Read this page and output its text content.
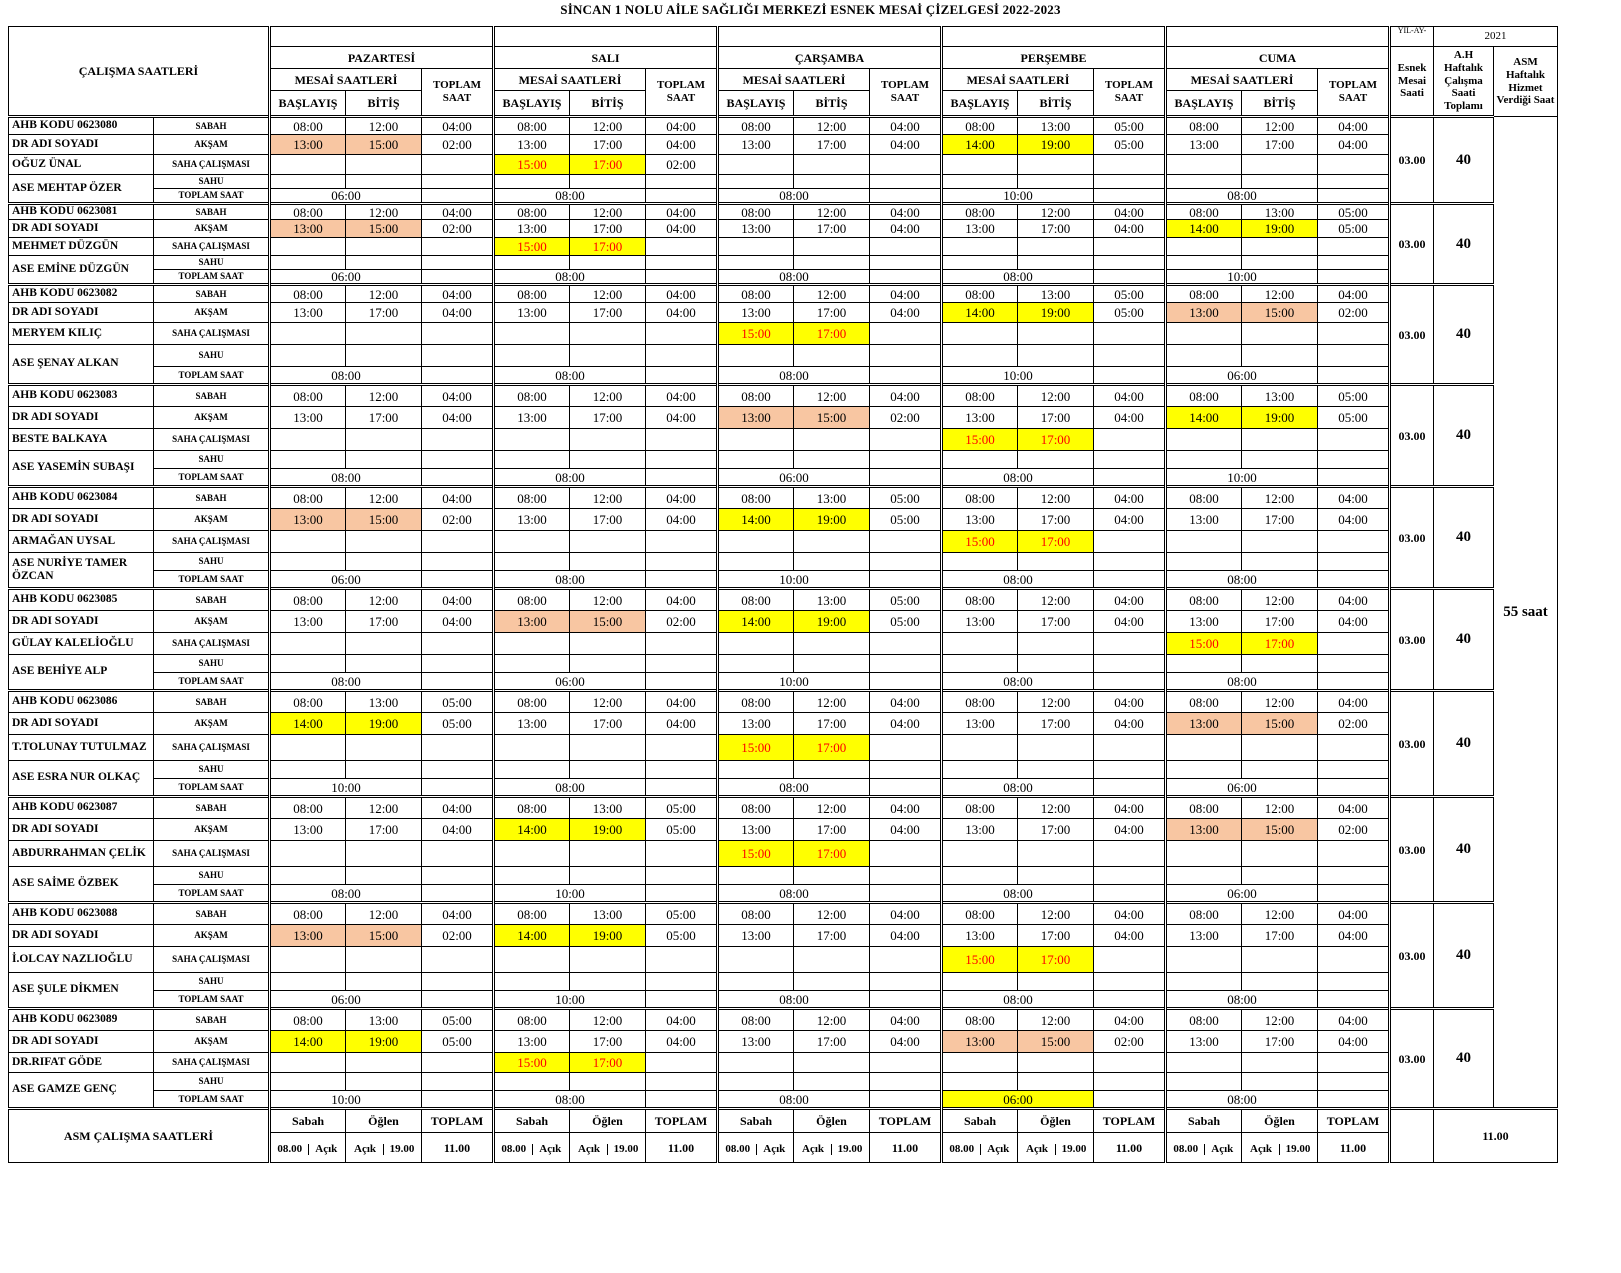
SİNCAN 1 NOLU AİLE SAĞLIĞI MERKEZİ ESNEK MESAİ ÇİZELGESİ 2022-2023
ÇALIŞMA SAATLERİ																	YIL-AY-	2021	
		PAZARTESİ			SALI			ÇARŞAMBA			PERŞEMBE			CUMA			Esnek Mesai Saati	A.H Haftalık Çalışma Saati Toplamı	ASM Haftalık Hizmet Verdiği Saat
		MESAİ SAATLERİ		TOPLAM SAAT	MESAİ SAATLERİ		TOPLAM SAAT	MESAİ SAATLERİ		TOPLAM SAAT	MESAİ SAATLERİ		TOPLAM SAAT	MESAİ SAATLERİ		TOPLAM SAAT			
		BAŞLAYIŞ	BİTİŞ		BAŞLAYIŞ	BİTİŞ		BAŞLAYIŞ	BİTİŞ		BAŞLAYIŞ	BİTİŞ		BAŞLAYIŞ	BİTİŞ				
AHB KODU 0623080	SABAH	08:00	12:00	04:00	08:00	12:00	04:00	08:00	12:00	04:00	08:00	13:00	05:00	08:00	12:00	04:00	03.00	40	55 saat
DR ADI SOYADI	AKŞAM	13:00	15:00	02:00	13:00	17:00	04:00	13:00	17:00	04:00	14:00	19:00	05:00	13:00	17:00	04:00			
OĞUZ ÜNAL	SAHA ÇALIŞMASI				15:00	17:00	02:00												
ASE MEHTAP ÖZER	SAHU																		
	TOPLAM SAAT	06:00			08:00			08:00			10:00			08:00					
AHB KODU 0623081	SABAH	08:00	12:00	04:00	08:00	12:00	04:00	08:00	12:00	04:00	08:00	12:00	04:00	08:00	13:00	05:00	03.00	40	
DR ADI SOYADI	AKŞAM	13:00	15:00	02:00	13:00	17:00	04:00	13:00	17:00	04:00	13:00	17:00	04:00	14:00	19:00	05:00			
MEHMET DÜZGÜN	SAHA ÇALIŞMASI				15:00	17:00													
ASE EMİNE DÜZGÜN	SAHU																		
	TOPLAM SAAT	06:00			08:00			08:00			08:00			10:00					
AHB KODU 0623082	SABAH	08:00	12:00	04:00	08:00	12:00	04:00	08:00	12:00	04:00	08:00	13:00	05:00	08:00	12:00	04:00	03.00	40	
DR ADI SOYADI	AKŞAM	13:00	17:00	04:00	13:00	17:00	04:00	13:00	17:00	04:00	14:00	19:00	05:00	13:00	15:00	02:00			
MERYEM KILIÇ	SAHA ÇALIŞMASI							15:00	17:00										
ASE ŞENAY ALKAN	SAHU																		
	TOPLAM SAAT	08:00			08:00			08:00			10:00			06:00					
AHB KODU 0623083	SABAH	08:00	12:00	04:00	08:00	12:00	04:00	08:00	12:00	04:00	08:00	12:00	04:00	08:00	13:00	05:00	03.00	40	
DR ADI SOYADI	AKŞAM	13:00	17:00	04:00	13:00	17:00	04:00	13:00	15:00	02:00	13:00	17:00	04:00	14:00	19:00	05:00			
BESTE BALKAYA	SAHA ÇALIŞMASI										15:00	17:00							
ASE YASEMİN SUBAŞI	SAHU																		
	TOPLAM SAAT	08:00			08:00			06:00			08:00			10:00					
AHB KODU 0623084	SABAH	08:00	12:00	04:00	08:00	12:00	04:00	08:00	13:00	05:00	08:00	12:00	04:00	08:00	12:00	04:00	03.00	40	
DR ADI SOYADI	AKŞAM	13:00	15:00	02:00	13:00	17:00	04:00	14:00	19:00	05:00	13:00	17:00	04:00	13:00	17:00	04:00			
ARMAĞAN UYSAL	SAHA ÇALIŞMASI										15:00	17:00							
ASE NURİYE TAMER ÖZCAN	SAHU																		
	TOPLAM SAAT	06:00			08:00			10:00			08:00			08:00					
AHB KODU 0623085	SABAH	08:00	12:00	04:00	08:00	12:00	04:00	08:00	13:00	05:00	08:00	12:00	04:00	08:00	12:00	04:00	03.00	40	
DR ADI SOYADI	AKŞAM	13:00	17:00	04:00	13:00	15:00	02:00	14:00	19:00	05:00	13:00	17:00	04:00	13:00	17:00	04:00			
GÜLAY KALELİOĞLU	SAHA ÇALIŞMASI													15:00	17:00				
ASE BEHİYE ALP	SAHU																		
	TOPLAM SAAT	08:00			06:00			10:00			08:00			08:00					
AHB KODU 0623086	SABAH	08:00	13:00	05:00	08:00	12:00	04:00	08:00	12:00	04:00	08:00	12:00	04:00	08:00	12:00	04:00	03.00	40	
DR ADI SOYADI	AKŞAM	14:00	19:00	05:00	13:00	17:00	04:00	13:00	17:00	04:00	13:00	17:00	04:00	13:00	15:00	02:00			
T.TOLUNAY TUTULMAZ	SAHA ÇALIŞMASI							15:00	17:00										
ASE ESRA NUR OLKAÇ	SAHU																		
	TOPLAM SAAT	10:00			08:00			08:00			08:00			06:00					
AHB KODU 0623087	SABAH	08:00	12:00	04:00	08:00	13:00	05:00	08:00	12:00	04:00	08:00	12:00	04:00	08:00	12:00	04:00	03.00	40	
DR ADI SOYADI	AKŞAM	13:00	17:00	04:00	14:00	19:00	05:00	13:00	17:00	04:00	13:00	17:00	04:00	13:00	15:00	02:00			
ABDURRAHMAN ÇELİK	SAHA ÇALIŞMASI							15:00	17:00										
ASE SAİME ÖZBEK	SAHU																		
	TOPLAM SAAT	08:00			10:00			08:00			08:00			06:00					
AHB KODU 0623088	SABAH	08:00	12:00	04:00	08:00	13:00	05:00	08:00	12:00	04:00	08:00	12:00	04:00	08:00	12:00	04:00	03.00	40	
DR ADI SOYADI	AKŞAM	13:00	15:00	02:00	14:00	19:00	05:00	13:00	17:00	04:00	13:00	17:00	04:00	13:00	17:00	04:00			
İ.OLCAY NAZLIOĞLU	SAHA ÇALIŞMASI										15:00	17:00							
ASE ŞULE DİKMEN	SAHU																		
	TOPLAM SAAT	06:00			10:00			08:00			08:00			08:00					
AHB KODU 0623089	SABAH	08:00	13:00	05:00	08:00	12:00	04:00	08:00	12:00	04:00	08:00	12:00	04:00	08:00	12:00	04:00	03.00	40	
DR ADI SOYADI	AKŞAM	14:00	19:00	05:00	13:00	17:00	04:00	13:00	17:00	04:00	13:00	15:00	02:00	13:00	17:00	04:00			
DR.RIFAT GÖDE	SAHA ÇALIŞMASI				15:00	17:00													
ASE GAMZE GENÇ	SAHU																		
	TOPLAM SAAT	10:00			08:00			08:00			06:00			08:00					
ASM ÇALIŞMA SAATLERİ		Sabah	Öğlen	TOPLAM	Sabah	Öğlen	TOPLAM	Sabah	Öğlen	TOPLAM	Sabah	Öğlen	TOPLAM	Sabah	Öğlen	TOPLAM		11.00	
		08.00 Açık	Açık 19.00	11.00	08.00 Açık	Açık 19.00	11.00	08.00 Açık	Açık 19.00	11.00	08.00 Açık	Açık 19.00	11.00	08.00 Açık	Açık 19.00	11.00			
